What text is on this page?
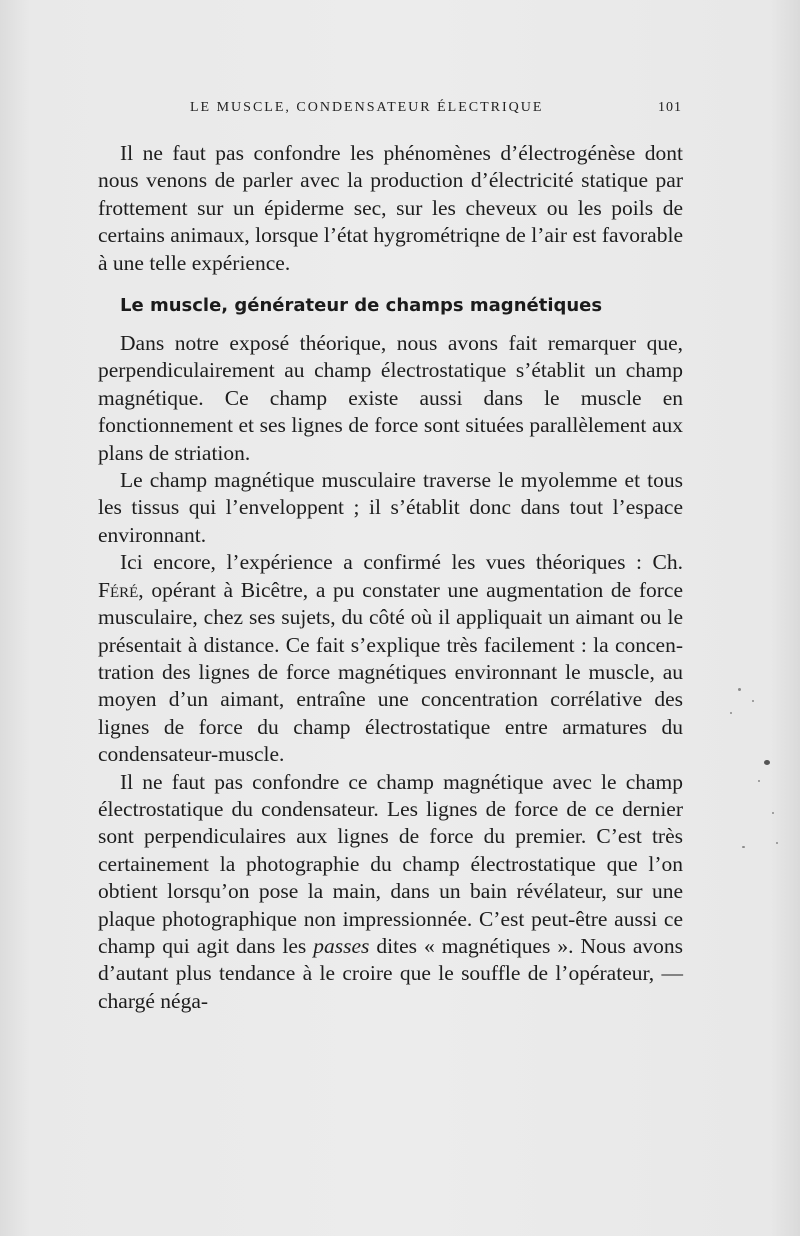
LE MUSCLE, CONDENSATEUR ÉLECTRIQUE	101

Il ne faut pas confondre les phénomènes d’électrogénèse dont nous venons de parler avec la production d’électricité statique par frottement sur un épiderme sec, sur les cheveux ou les poils de certains animaux, lorsque l’état hygrométriqne de l’air est favorable à une telle expérience.

Le muscle, générateur de champs magnétiques

Dans notre exposé théorique, nous avons fait remarquer que, perpendiculairement au champ électrostatique s’établit un champ magnétique. Ce champ existe aussi dans le muscle en fonctionnement et ses lignes de force sont situées parallèlement aux plans de striation.

Le champ magnétique musculaire traverse le myolemme et tous les tissus qui l’enveloppent ; il s’établit donc dans tout l’espace environnant.

Ici encore, l’expérience a confirmé les vues théoriques : Ch. Féré, opérant à Bicêtre, a pu constater une augmentation de force musculaire, chez ses sujets, du côté où il appliquait un aimant ou le présentait à distance. Ce fait s’explique très facilement : la concentration des lignes de force magnétiques environnant le muscle, au moyen d’un aimant, entraîne une concentration corrélative des lignes de force du champ électrostatique entre armatures du condensateur-muscle.

Il ne faut pas confondre ce champ magnétique avec le champ électrostatique du condensateur. Les lignes de force de ce dernier sont perpendiculaires aux lignes de force du premier. C’est très certainement la photographie du champ électrostatique que l’on obtient lorsqu’on pose la main, dans un bain révélateur, sur une plaque photographique non impressionnée. C’est peut-être aussi ce champ qui agit dans les passes dites « magnétiques ». Nous avons d’autant plus tendance à le croire que le souffle de l’opérateur, — chargé néga-
